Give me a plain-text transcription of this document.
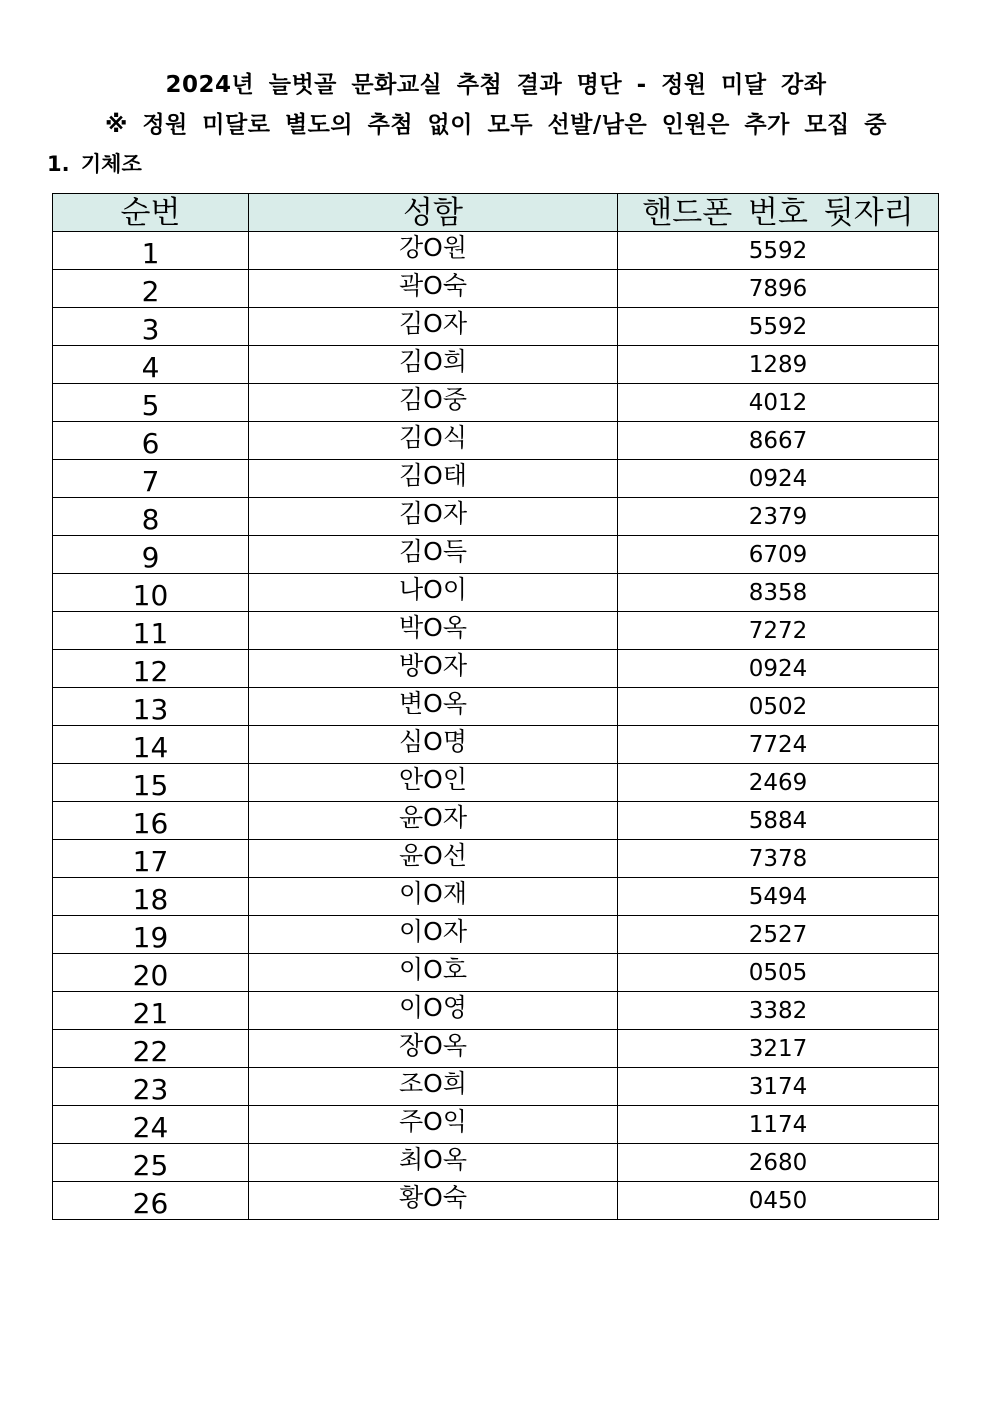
2024년 늘벗골 문화교실 추첨 결과 명단 - 정원 미달 강좌
※ 정원 미달로 별도의 추첨 없이 모두 선발/남은 인원은 추가 모집 중
1. 기체조
순번	성함	핸드폰 번호 뒷자리
1	강O원	5592
2	곽O숙	7896
3	김O자	5592
4	김O희	1289
5	김O중	4012
6	김O식	8667
7	김O태	0924
8	김O자	2379
9	김O득	6709
10	나O이	8358
11	박O옥	7272
12	방O자	0924
13	변O옥	0502
14	심O명	7724
15	안O인	2469
16	윤O자	5884
17	윤O선	7378
18	이O재	5494
19	이O자	2527
20	이O호	0505
21	이O영	3382
22	장O옥	3217
23	조O희	3174
24	주O익	1174
25	최O옥	2680
26	황O숙	0450
